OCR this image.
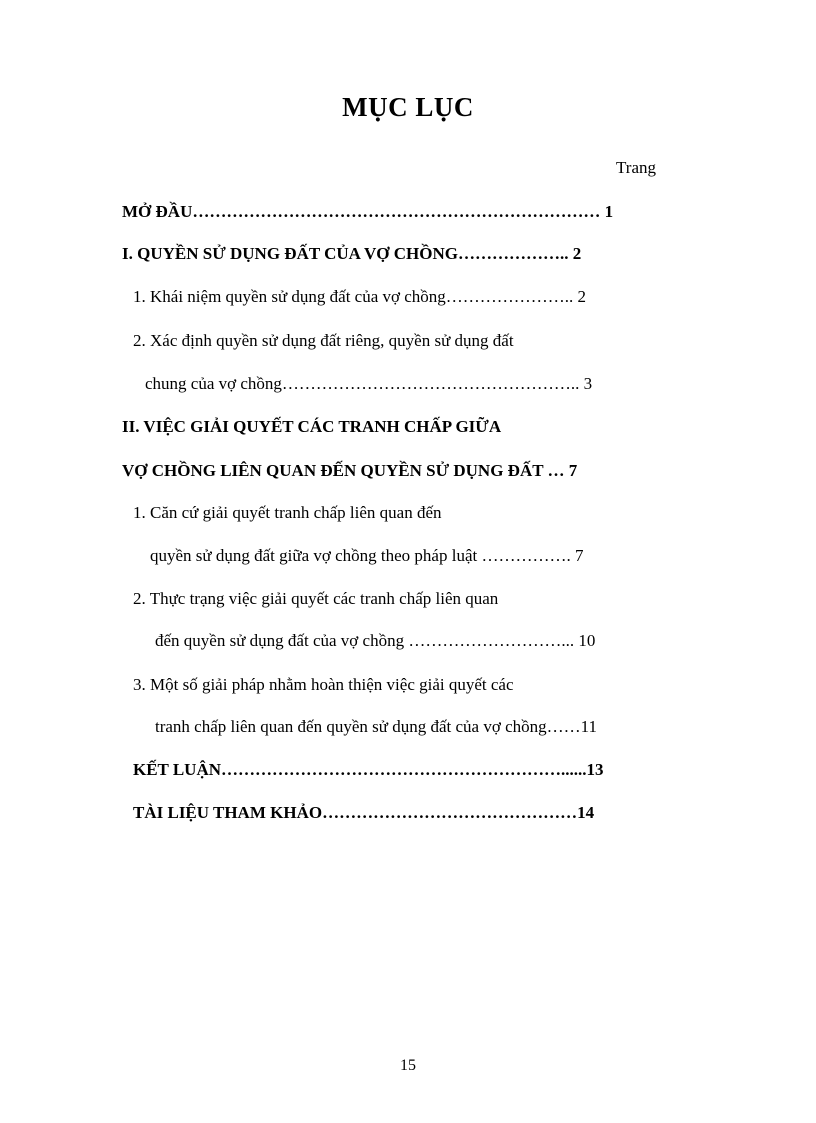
MỤC LỤC
Trang
MỞ ĐẦU……………………………………………………………… 1
I. QUYỀN SỬ DỤNG ĐẤT CỦA VỢ CHỒNG……………….. 2
1. Khái niệm quyền sử dụng đất của vợ chồng………………….. 2
2. Xác định quyền sử dụng đất riêng, quyền sử dụng đất
chung của vợ chồng…………………………………………….. 3
II. VIỆC GIẢI QUYẾT CÁC TRANH CHẤP GIỮA
VỢ CHỒNG LIÊN QUAN ĐẾN QUYỀN SỬ DỤNG ĐẤT … 7
1. Căn cứ giải quyết tranh chấp liên quan đến
quyền sử dụng đất giữa vợ chồng theo pháp luật ……………. 7
2. Thực trạng việc giải quyết các tranh chấp liên quan
đến quyền sử dụng đất của vợ chồng ………………………... 10
3. Một số giải pháp nhằm hoàn thiện việc giải quyết các
tranh chấp liên quan đến quyền sử dụng đất của vợ chồng……11
KẾT LUẬN……………………………………………………......13
TÀI LIỆU THAM KHẢO………………………………………14
15
